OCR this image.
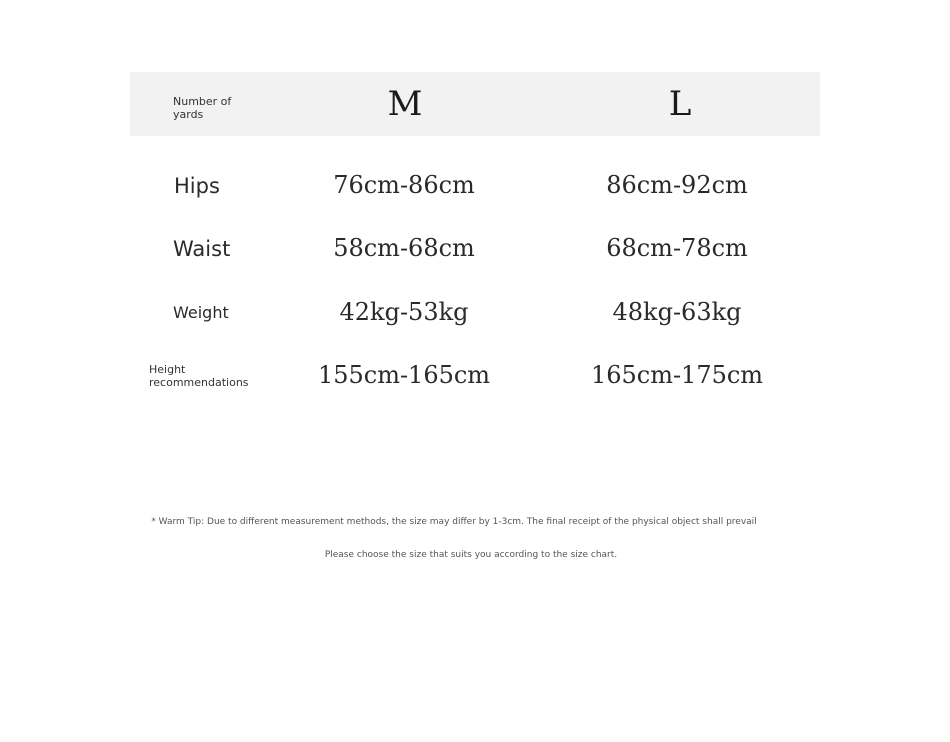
Number of
yards	M	L
Hips	76cm-86cm	86cm-92cm
Waist	58cm-68cm	68cm-78cm
Weight	42kg-53kg	48kg-63kg
Height
recommendations	155cm-165cm	165cm-175cm
* Warm Tip: Due to different measurement methods, the size may differ by 1-3cm. The final receipt of the physical object shall prevail
Please choose the size that suits you according to the size chart.
